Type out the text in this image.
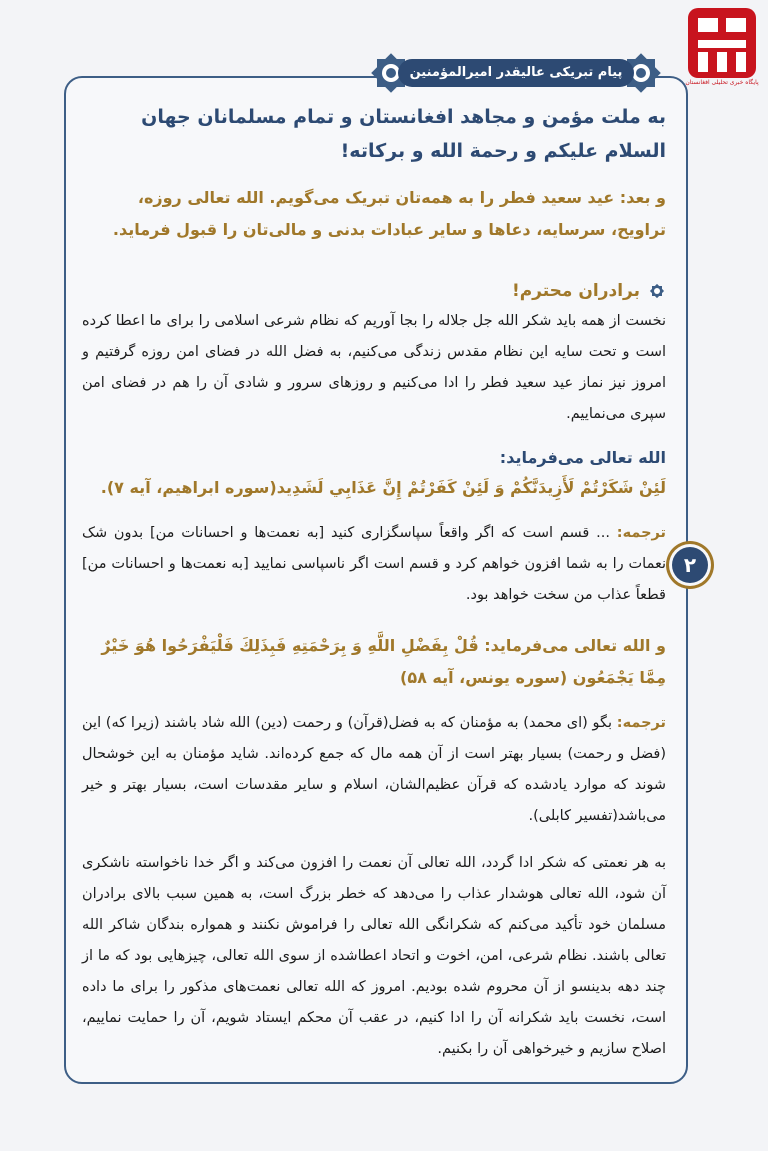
پایگاه خبری تحلیلی افغانستان
پیام تبریکی عالیقدر امیرالمؤمنین
به ملت مؤمن و مجاهد افغانستان و تمام مسلمانان جهان
السلام علیکم و رحمة الله و برکاته!
و بعد: عید سعید فطر را به همه‌تان تبریک می‌گویم. الله تعالی روزه، تراویح، سرسایه، دعاها و سایر عبادات بدنی و مالی‌تان را قبول فرماید.
برادران محترم!
نخست از همه باید شکر الله جل جلاله را بجا آوریم که نظام شرعی اسلامی را برای ما اعطا کرده است و تحت سایه این نظام مقدس زندگی می‌کنیم، به فضل الله در فضای امن روزه گرفتیم و امروز نیز نماز عید سعید فطر را ادا می‌کنیم و روزهای سرور و شادی آن را هم در فضای امن سپری می‌نماییم.
الله تعالی می‌فرماید:
لَئِنْ شَكَرْتُمْ لَأَزِيدَنَّكُمْ وَ لَئِنْ كَفَرْتُمْ إِنَّ عَذَابِي لَشَدِيد(سوره ابراهیم، آیه ۷).
ترجمه: ... قسم است که اگر واقعاً سپاسگزاری کنید [به نعمت‌ها و احسانات من] بدون شک نعمات را به شما افزون خواهم کرد و قسم است اگر ناسپاسی نمایید [به نعمت‌ها و احسانات من] قطعاً عذاب من سخت خواهد بود.
و الله تعالی می‌فرماید: قُلْ بِفَضْلِ اللَّهِ وَ بِرَحْمَتِهِ فَبِذَلِكَ فَلْيَفْرَحُوا هُوَ خَيْرٌ مِمَّا يَجْمَعُون (سوره یونس، آیه ۵۸)
ترجمه: بگو (ای محمد) به مؤمنان که به فضل(قرآن) و رحمت (دین) الله شاد باشند (زیرا که) این (فضل و رحمت) بسیار بهتر است از آن همه مال که جمع کرده‌اند. شاید مؤمنان به این خوشحال شوند که موارد یادشده که قرآن عظیم‌الشان، اسلام و سایر مقدسات است، بسیار بهتر و خیر می‌باشد(تفسیر کابلی).
به هر نعمتی که شکر ادا گردد، الله تعالی آن نعمت را افزون می‌کند و اگر خدا ناخواسته ناشکری آن شود، الله تعالی هوشدار عذاب را می‌دهد که خطر بزرگ است، به همین سبب بالای برادران مسلمان خود تأکید می‌کنم که شکرانگی الله تعالی را فراموش نکنند و همواره بندگان شاکر الله تعالی باشند. نظام شرعی، امن، اخوت و اتحاد اعطاشده از سوی الله تعالی، چیزهایی بود که ما از چند دهه بدینسو از آن محروم شده بودیم. امروز که الله تعالی نعمت‌های مذکور را برای ما داده است، نخست باید شکرانه آن را ادا کنیم، در عقب آن محکم ایستاد شویم، آن را حمایت نماییم، اصلاح سازیم و خیرخواهی آن را بکنیم.
۲
